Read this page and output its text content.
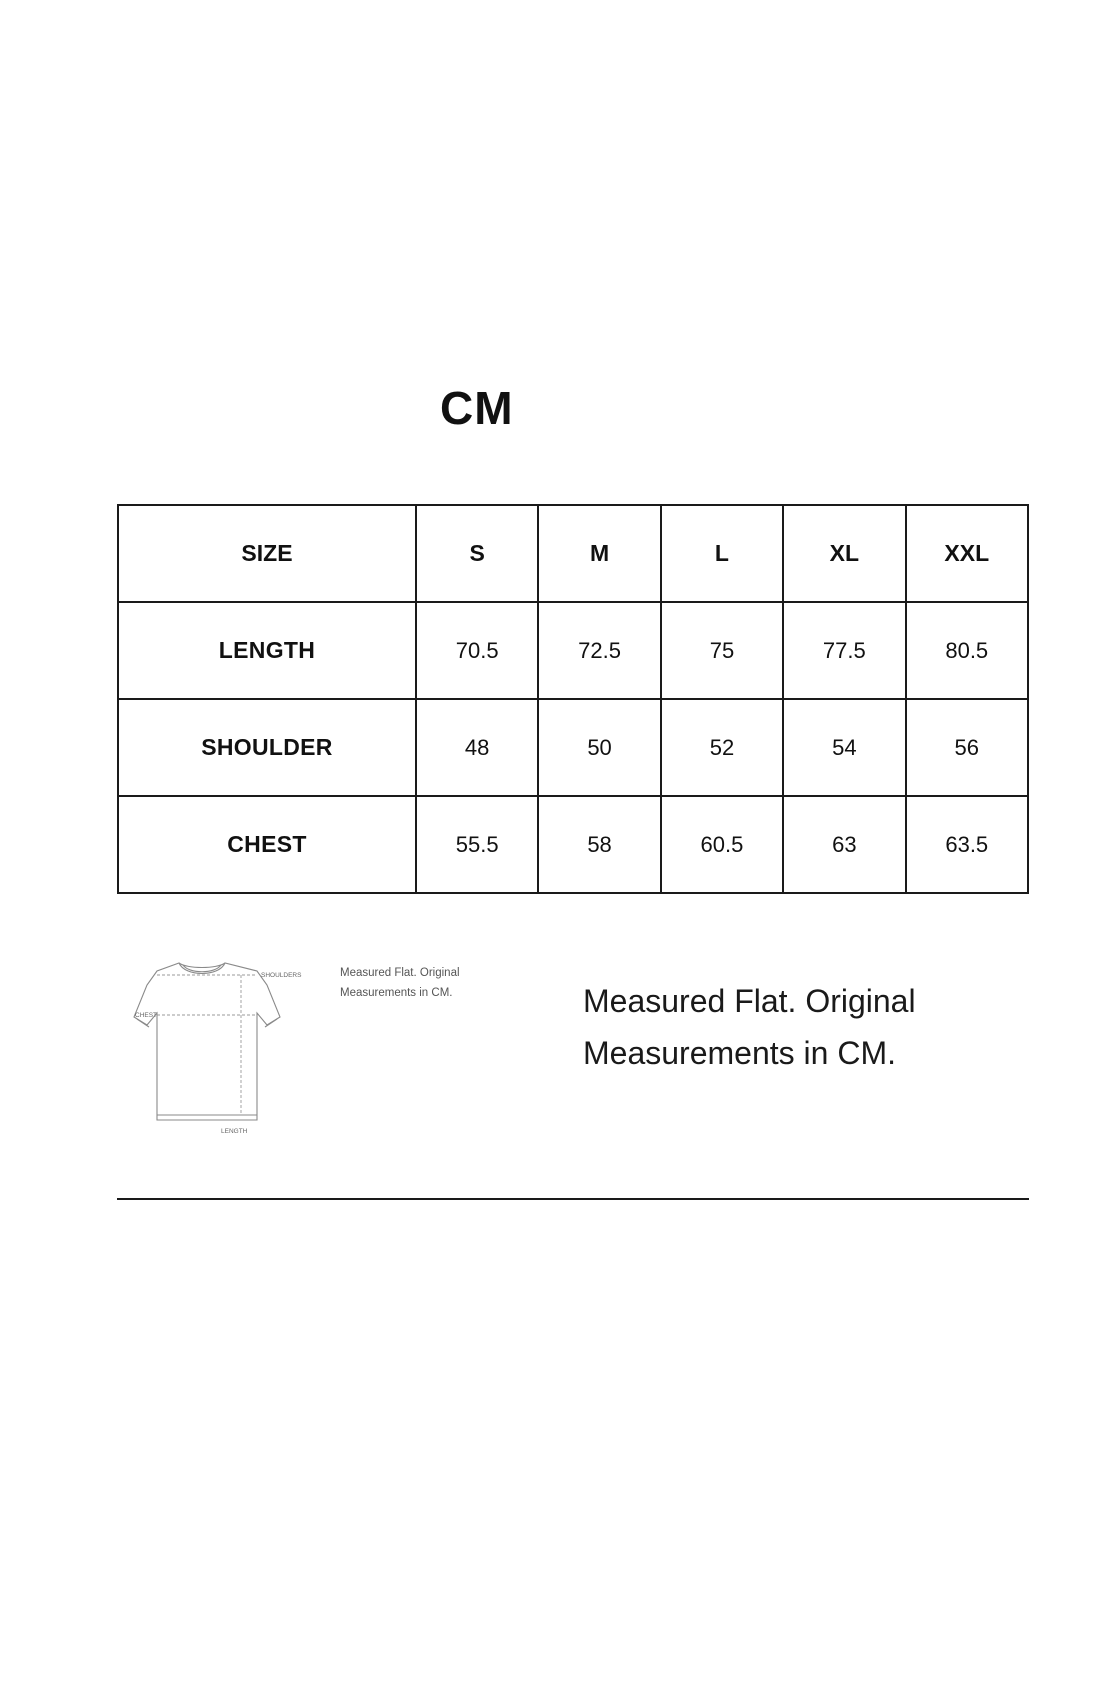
CM
SIZE	S	M	L	XL	XXL
LENGTH	70.5	72.5	75	77.5	80.5
SHOULDER	48	50	52	54	56
CHEST	55.5	58	60.5	63	63.5
SHOULDERS
CHEST
LENGTH
Measured Flat. Original
Measurements in CM.	Measured Flat. Original
Measurements in CM.
